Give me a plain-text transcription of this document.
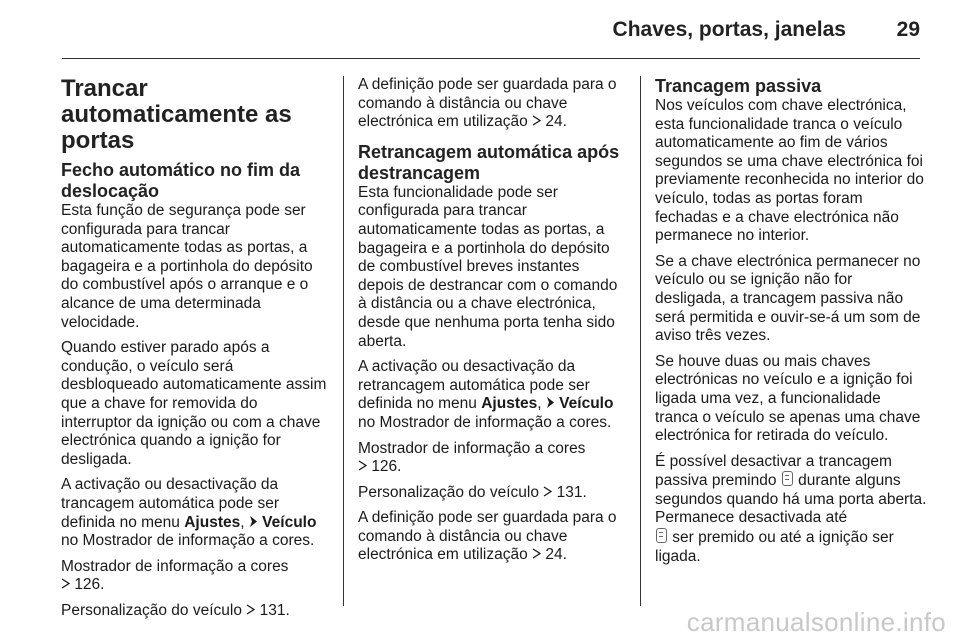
Chaves, portas, janelas 29
Trancar automaticamente as portas
Fecho automático no fim da deslocação

Esta função de segurança pode ser configurada para trancar automaticamente todas as portas, a bagageira e a portinhola do depósito do combustível após o arranque e o alcance de uma determinada velocidade.

Quando estiver parado após a condução, o veículo será desbloqueado automaticamente assim que a chave for removida do interruptor da ignição ou com a chave electrónica quando a ignição for desligada.

A activação ou desactivação da trancagem automática pode ser definida no menu Ajustes,  Veículo no Mostrador de informação a cores.

Mostrador de informação a cores
126.

Personalização do veículo  131.

A definição pode ser guardada para o comando à distância ou chave electrónica em utilização  24.

Retrancagem automática após destrancagem

Esta funcionalidade pode ser configurada para trancar automaticamente todas as portas, a bagageira e a portinhola do depósito de combustível breves instantes depois de destrancar com o comando à distância ou a chave electrónica, desde que nenhuma porta tenha sido aberta.

A activação ou desactivação da retrancagem automática pode ser definida no menu Ajustes,  Veículo no Mostrador de informação a cores.

Mostrador de informação a cores
126.

Personalização do veículo  131.

A definição pode ser guardada para o comando à distância ou chave electrónica em utilização  24.

Trancagem passiva

Nos veículos com chave electrónica, esta funcionalidade tranca o veículo automaticamente ao fim de vários segundos se uma chave electrónica foi previamente reconhecida no interior do veículo, todas as portas foram fechadas e a chave electrónica não permanece no interior.

Se a chave electrónica permanecer no veículo ou se ignição não for desligada, a trancagem passiva não será permitida e ouvir-se-á um som de aviso três vezes.

Se houve duas ou mais chaves electrónicas no veículo e a ignição foi ligada uma vez, a funcionalidade tranca o veículo se apenas uma chave electrónica for retirada do veículo.

É possível desactivar a trancagem passiva premindo  durante alguns segundos quando há uma porta aberta. Permanece desactivada até
ser premido ou até a ignição ser ligada.

carmanualsonline.info
